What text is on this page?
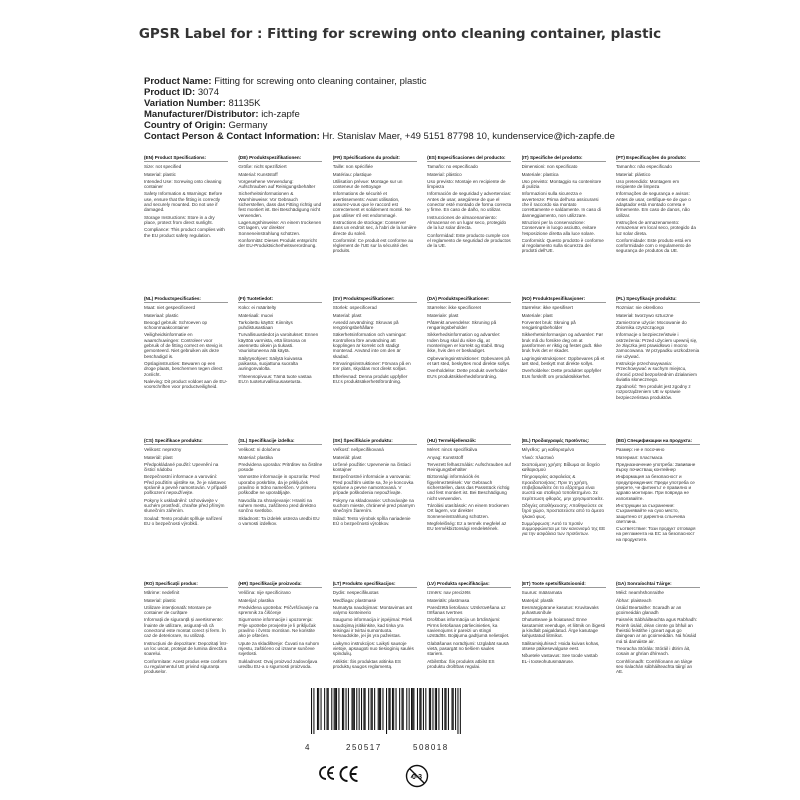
GPSR Label for : Fitting for screwing onto cleaning container, plastic
Product Name: Fitting for screwing onto cleaning container, plastic
Product ID: 3074
Variation Number: 81135K
Manufacturer/Distributor: ich-zapfe
Country of Origin: Germany
Contact Person & Contact Information: Hr. Stanislav Maer, +49 5151 87798 10, kundenservice@ich-zapfe.de
(EN) Product Specifications:

Size: not specified

Material: plastic

Intended Use: Screwing onto cleaning container

Safety Information & Warnings: Before use, ensure that the fitting is correctly and securely mounted. Do not use if damaged.

Storage Instructions: Store in a dry place, protect from direct sunlight.

Compliance: This product complies with the EU product safety regulation.

(DE) Produktspezifikationen:

Größe: nicht spezifiziert

Material: Kunststoff

Vorgesehene Verwendung: Aufschrauben auf Reinigungsbehälter

Sicherheitsinformationen & Warnhinweise: Vor Gebrauch sicherstellen, dass das Fitting richtig und fest montiert ist. Bei Beschädigung nicht verwenden.

Lagerungshinweise: An einem trockenen Ort lagern, vor direkter Sonneneinstrahlung schützen.

Konformität: Dieses Produkt entspricht der EU-Produktsicherheitsverordnung.

(FR) Spécifications du produit:

Taille: non spécifiée

Matériau: plastique

Utilisation prévue: Montage sur un conteneur de nettoyage

Informations de sécurité et avertissements: Avant utilisation, assurez-vous que le raccord est correctement et solidement monté. Ne pas utiliser s'il est endommagé.

Instructions de stockage: Conserver dans un endroit sec, à l'abri de la lumière directe du soleil.

Conformité: Ce produit est conforme au règlement de l'UE sur la sécurité des produits.

(ES) Especificaciones del producto:

Tamaño: no especificado

Material: plástico

Uso previsto: Montaje en recipiente de limpieza

Información de seguridad y advertencias: Antes de usar, asegúrese de que el conector esté montado de forma correcta y firme. En caso de daño, no utilizar.

Instrucciones de almacenamiento: Almacenar en un lugar seco, protegido de la luz solar directa.

Conformidad: Este producto cumple con el reglamento de seguridad de productos de la UE.

(IT) Specifiche del prodotto:

Dimensioni: non specificato

Materiale: plastica

Uso previsto: Montaggio su contenitore di pulizia

Informazioni sulla sicurezza e avvertenze: Prima dell'uso assicurarsi che il raccordo sia montato correttamente e saldamente. In caso di danneggiamento, non utilizzare.

Istruzioni per la conservazione: Conservare in luogo asciutto, evitare l'esposizione diretta alla luce solare.

Conformità: Questo prodotto è conforme al regolamento sulla sicurezza dei prodotti dell'UE.

(PT) Especificações do produto:

Tamanho: não especificado

Material: plástico

Uso pretendido: Montagem em recipiente de limpeza

Informações de segurança e avisos: Antes de usar, certifique-se de que o adaptador está montado correta e firmemente. Em caso de danos, não utilizar.

Instruções de armazenamento: Armazenar em local seco, protegido da luz solar direta.

Conformidade: Este produto está em conformidade com o regulamento de segurança de produtos da UE.

(NL) Productspecificaties:

Maat: niet gespecificeerd

Materiaal: plastic

Beoogd gebruik: Schroeven op schoonmaakcontainer

Veiligheidsinformatie en waarschuwingen: Controleer voor gebruik of de fitting correct en stevig is gemonteerd. Niet gebruiken als deze beschadigd is.

Opslaginstructies: Bewaren op een droge plaats, beschermen tegen direct zonlicht.

Naleving: Dit product voldoet aan de EU-voorschriften voor productveiligheid.

(FI) Tuotetiedot:

Koko: ei määritelty

Materiaali: muovi

Tarkoitettu käyttö: Kiinnitys puhdistusastiaan

Turvallisuustiedot ja varoitukset: Ennen käyttöä varmista, että liitososa on asennettu oikein ja tiukasti. Vaurioituneena älä käytä.

Säilytysohjeet: Säilytä kuivassa paikassa, suojattuna suoralta auringonvalolta.

Yhteensopivuus: Tämä tuote vastaa EU:n tuoteturvallisuusasetusta.

(SV) Produktspecifikationer:

Storlek: ospecificerad

Material: plast

Avsedd användning: Skruvas på rengöringsbehållare

Säkerhetsinformation och varningar: Kontrollera före användning att kopplingen är korrekt och stadigt monterad. Använd inte om den är skadad.

Förvaringsinstruktioner: Förvara på en torr plats, skyddas mot direkt solljus.

Efterlevnad: Denna produkt uppfyller EU:s produktsäkerhetsförordning.

(DA) Produktspecifikationer:

Størrelse: ikke specificeret

Materiale: plast

Påtænkt anvendelse: Skruning på rengøringsbeholder

Sikkerhedsinformation og advarsler: Inden brug skal du sikre dig, at monteringen er korrekt og stabil. Brug ikke, hvis den er beskadiget.

Opbevaringsinstruktioner: Opbevares på et tørt sted, beskyttes mod direkte sollys.

Overholdelse: Dette produkt overholder EU's produktsikkerhedsforordning.

(NO) Produktspesifikasjoner:

Størrelse: ikke spesifisert

Materiale: plast

Forventet bruk: Skruing på rengjøringsbeholder

Sikkerhetsinformasjon og advarsler: Før bruk må du forsikre deg om at passformen er riktig og festet godt. Ikke bruk hvis det er skadet.

Lagringsinstruksjoner: Oppbevares på et tørt sted, beskytt mot direkte sollys.

Overholdelse: Dette produktet oppfyller EUs forskrift om produktsikkerhet.

(PL) Specyfikacje produktu:

Rozmiar: nie określono

Materiał: tworzywo sztuczne

Zamierzone użycie: Mocowanie do zbiornika czyszczącego

Informacje o bezpieczeństwie i ostrzeżenia: Przed użyciem upewnij się, że złączka jest prawidłowo i mocno zamocowana. W przypadku uszkodzenia nie używać.

Instrukcje przechowywania: Przechowywać w suchym miejscu, chronić przed bezpośrednim działaniem światła słonecznego.

Zgodność: Ten produkt jest zgodny z rozporządzeniem UE w sprawie bezpieczeństwa produktów.

(CS) Specifikace produktu:

Velikost: neprezny

Materiál: plast

Předpokládané použití: Upevnění na čisticí nádobu

Bezpečnostní informace a varování: Před použitím ujistěte se, že je nástavec správně a pevně namontován. V případě poškození nepoužívejte.

Pokyny k uskladnění: Uchovávejte v suchém prostředí, chraňte před přímým slunečním zářením.

Soulad: Tento produkt splňuje nařízení EU o bezpečnosti výrobků.

(SL) Specifikacije izdelka:

Velikost: ni določeno

Material: plastika

Predvidena uporaba: Pritrditev na čistilne posode

Varnostne informacije in opozorila: Pred uporabo poskrbite, da je priključek pravilno in trdno nameščen. V primeru poškodbe ne uporabljajte.

Navodila za shranjevanje: Hraniti na suhem mestu, zaščiteno pred direktno sončno svetlobo.

Skladnost: Ta izdelek ustreza uredbi EU o varnosti izdelkov.

(SK) Špecifikácie produktu:

Veľkosť: nešpecifikovaná

Materiál: plast

Určené použitie: Upevnenie na čistiaci kontajner

Bezpečnostné informácie a varovania: Pred použitím uistite sa, že je koncovka správne a pevne namontovaná. V prípade poškodenia nepoužívajte.

Pokyny na skladovanie: Uchovávajte na suchom mieste, chránené pred priamym slnečným žiarením.

Súlad: Tento výrobok spĺňa nariadenie EÚ o bezpečnosti výrobkov.

(HU) Termékjellemzők:

Méret: nincs specifikálva

Anyag: Kunststoff

Tervezett felhasználás: Aufschrauben auf Reinigungsbehälter

Biztonsági információk és figyelmeztetések: Vor Gebrauch sicherstellen, dass das Passstück richtig und fest montiert ist. Bei Beschädigung nicht verwenden.

Tárolási utasítások: An einem trockenen Ort lagern, vor direkter Sonneneinstrahlung schützen.

Megfelelőség: Ez a termék megfelel az EU termékbiztonsági rendeletének.

(EL) Προδιαγραφές προϊόντος:

Μέγεθος: μη καθορισμένο

Υλικό: πλαστικό

Σκοπούμενη χρήση: Βίδωμα σε δοχείο καθαρισμού

Πληροφορίες ασφαλείας & προειδοποιήσεις: Πριν τη χρήση, επιβεβαιωθείτε ότι το εξάρτημα είναι σωστά και σταθερά τοποθετημένο. Σε περίπτωση φθοράς, μην χρησιμοποιείτε.

Οδηγίες αποθήκευσης: Αποθηκεύστε σε ξηρό χώρο, προστατεύστε από το άμεσο ηλιακό φως.

Συμμόρφωση: Αυτό το προϊόν συμμορφώνεται με τον κανονισμό της ΕΕ για την ασφάλεια των προϊόντων.

(BG) Спецификации на продукта:

Размер: не е посочено

Материал: пластмаса

Предназначение употреба: Завиване върху почистващ контейнер

Информация за безопасност и предупреждения: Преди употреба се уверете, че фитингът е правилно и здраво монтиран. При повреда не използвайте.

Инструкции за съхранение: Съхранявайте на сухо място, защитено от директна слънчева светлина.

Съответствие: Този продукт отговаря на регламента на ЕС за безопасност на продуктите.

(RO) Specificații produs:

Mărime: nedefinit

Material: plastic

Utilizare intenționată: Montare pe container de curățare

Informații de siguranță și avertismente: Înainte de utilizare, asigurați-vă că conectorul este montat corect și ferm. În caz de deteriorare, nu utilizați.

Instrucțiuni de depozitare: Depozitați într-un loc uscat, protejat de lumina directă a soarelui.

Conformitate: Acest produs este conform cu regulamentul UE privind siguranța produselor.

(HR) Specifikacije proizvoda:

Veličina: nije specificirano

Materijal: plastika

Predviđena upotreba: Pričvršćivanje na spremnik za čišćenje

Sigurnosne informacije i upozorenja: Prije upotrebe provjerite je li priključak pravilno i čvrsto montiran. Ne koristite ako je oštećen.

Upute za skladištenje: Čuvati na suhom mjestu, zaštićeno od izravne sunčeve svjetlosti.

Sukladnost: Ovaj proizvod zadovoljava uredbu EU-a o sigurnosti proizvoda.

(LT) Produkto specifikacijos:

Dydis: nespecifikuotas

Medžiaga: plastmasė

Numatyta naudojimas: Montavimas ant valymo konteinerio

Saugumo informacija ir įspėjimai: Prieš naudojimą įsitikinkite, kad tinka yra teisingai ir tvirtai sumontuota. Nenaudokite, jei jis yra pažeistas.

Laikymo instrukcijos: Laikyti sausoje vietoje, apsaugoti nuo tiesioginių saulės spindulių.

Atitiktis: Šis produktas atitinka ES produktų saugos reglamentą.

(LV) Produkta specifikācijas:

Izmērs: nav precizēts

Materiāls: plastmasa

Paredzētā lietošana: Uzskrūvēšana uz tīrīšanas tvertnes

Drošības informācija un brīdinājumi: Pirms lietošanas pārliecinieties, ka savienojums ir pareizi un stingri uzstādīts. Bojājuma gadījumā nelietojiet.

Glabāšanas norādījumi: Uzglabāt sausā vietā, pasargāt no tiešiem saules stariem.

Atbilstība: Šis produkts atbilst ES produktu drošības regulai.

(ET) Toote spetsifikatsioonid:

Suurus: määramata

Materjal: plastik

Eesmärgipärane kasutus: Kruvitavaks puhastusnõule

Ohutusteave ja hoiatused: Enne kasutamist veenduge, et liitmik on õigesti ja kindlalt paigaldatud. Ärge kasutage kahjustatud liitmikut.

Säilitamisjuhised: Hoida kuivas kohas, otsese päikesevalguse eest.

Nõuetele vastavus: See toode vastab EL-i tooteohutusmääruse.

(GA) Sonraíochtaí Táirge:

Méid: neamhshonraithe

Ábhar: plaisteach

Úsáid Beartaithe: Scaradh ar an gcoimeádán glanadh

Faisnéis Sábháilteachta agus Rabhadh: Roimh úsáid, déan cinnte go bhfuil an fheistiú feistithe i gceart agus go daingean ar an gcoimeádán. Ná húsáid má tá damáiste air.

Treoracha Stórála: Stóráil i dtirim áit, cosain ar ghrian dhíreach.

Comhlíonadh: Comhlíonann an táirge seo rialachán sábháilteachta táirgí an AE.

4	250517	508018
0-3
